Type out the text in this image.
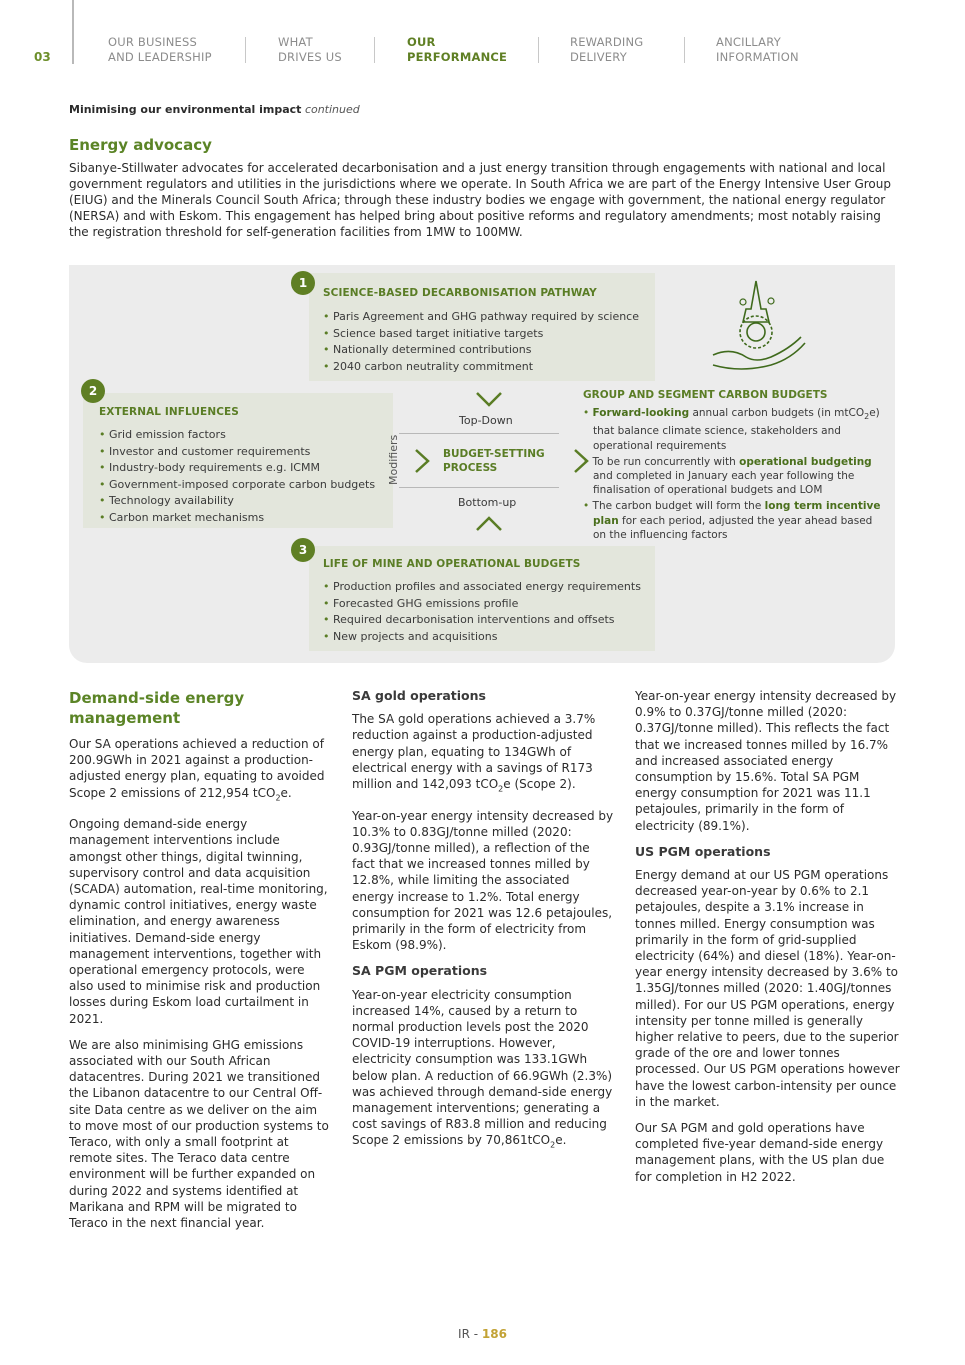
03
OUR BUSINESS
AND LEADERSHIP
WHAT
DRIVES US
OUR
PERFORMANCE
REWARDING
DELIVERY
ANCILLARY
INFORMATION
Minimising our environmental impact continued
Energy advocacy
Sibanye-Stillwater advocates for accelerated decarbonisation and a just energy transition through engagements with national and local government regulators and utilities in the jurisdictions where we operate. In South Africa we are part of the Energy Intensive User Group (EIUG) and the Minerals Council South Africa; through these industry bodies we engage with government, the national energy regulator (NERSA) and with Eskom. This engagement has helped bring about positive reforms and regulatory amendments; most notably raising the registration threshold for self-generation facilities from 1MW to 100MW.
SCIENCE-BASED DECARBONISATION PATHWAY
• Paris Agreement and GHG pathway required by science
• Science based target initiative targets
• Nationally determined contributions
• 2040 carbon neutrality commitment
1
EXTERNAL INFLUENCES
• Grid emission factors
• Investor and customer requirements
• Industry-body requirements e.g. ICMM
• Government-imposed corporate carbon budgets
• Technology availability
• Carbon market mechanisms
2
Modifiers
Top-Down
BUDGET-SETTING
PROCESS
Bottom-up
GROUP AND SEGMENT CARBON BUDGETS
• Forward-looking annual carbon budgets (in mtCO$_2$e) that balance climate science, stakeholders and operational requirements
• To be run concurrently with operational budgeting and completed in January each year following the finalisation of operational budgets and LOM
• The carbon budget will form the long term incentive plan for each period, adjusted the year ahead based on the influencing factors
LIFE OF MINE AND OPERATIONAL BUDGETS
• Production profiles and associated energy requirements
• Forecasted GHG emissions profile
• Required decarbonisation interventions and offsets
• New projects and acquisitions
3
Demand-side energy management

Our SA operations achieved a reduction of 200.9GWh in 2021 against a production-adjusted energy plan, equating to avoided Scope 2 emissions of 212,954 tCO$_2$e.

Ongoing demand-side energy management interventions include amongst other things, digital twinning, supervisory control and data acquisition (SCADA) automation, real-time monitoring, dynamic control initiatives, energy waste elimination, and energy awareness initiatives. Demand-side energy management interventions, together with operational emergency protocols, were also used to minimise risk and production losses during Eskom load curtailment in 2021.

We are also minimising GHG emissions associated with our South African datacentres. During 2021 we transitioned the Libanon datacentre to our Central Off-site Data centre as we deliver on the aim to move most of our production systems to Teraco, with only a small footprint at remote sites. The Teraco data centre environment will be further expanded on during 2022 and systems identified at Marikana and RPM will be migrated to Teraco in the next financial year.

SA gold operations

The SA gold operations achieved a 3.7% reduction against a production-adjusted energy plan, equating to 134GWh of electrical energy with a savings of R173 million and 142,093 tCO$_2$e (Scope 2).

Year-on-year energy intensity decreased by 10.3% to 0.83GJ/tonne milled (2020: 0.93GJ/tonne milled), a reflection of the fact that we increased tonnes milled by 12.8%, while limiting the associated energy increase to 1.2%. Total energy consumption for 2021 was 12.6 petajoules, primarily in the form of electricity from Eskom (98.9%).

SA PGM operations

Year-on-year electricity consumption increased 14%, caused by a return to normal production levels post the 2020 COVID-19 interruptions. However, electricity consumption was 133.1GWh below plan. A reduction of 66.9GWh (2.3%) was achieved through demand-side energy management interventions; generating a cost savings of R83.8 million and reducing Scope 2 emissions by 70,861tCO$_2$e.

Year-on-year energy intensity decreased by 0.9% to 0.37GJ/tonne milled (2020: 0.37GJ/tonne milled). This reflects the fact that we increased tonnes milled by 16.7% and increased associated energy consumption by 15.6%. Total SA PGM energy consumption for 2021 was 11.1 petajoules, primarily in the form of electricity (89.1%).

US PGM operations

Energy demand at our US PGM operations decreased year-on-year by 0.6% to 2.1 petajoules, despite a 3.1% increase in tonnes milled. Energy consumption was primarily in the form of grid-supplied electricity (64%) and diesel (18%). Year-on-year energy intensity decreased by 3.6% to 1.35GJ/tonnes milled (2020: 1.40GJ/tonnes milled). For our US PGM operations, energy intensity per tonne milled is generally higher relative to peers, due to the superior grade of the ore and lower tonnes processed. Our US PGM operations however have the lowest carbon-intensity per ounce in the market.

Our SA PGM and gold operations have completed five-year demand-side energy management plans, with the US plan due for completion in H2 2022.

IR - 186
